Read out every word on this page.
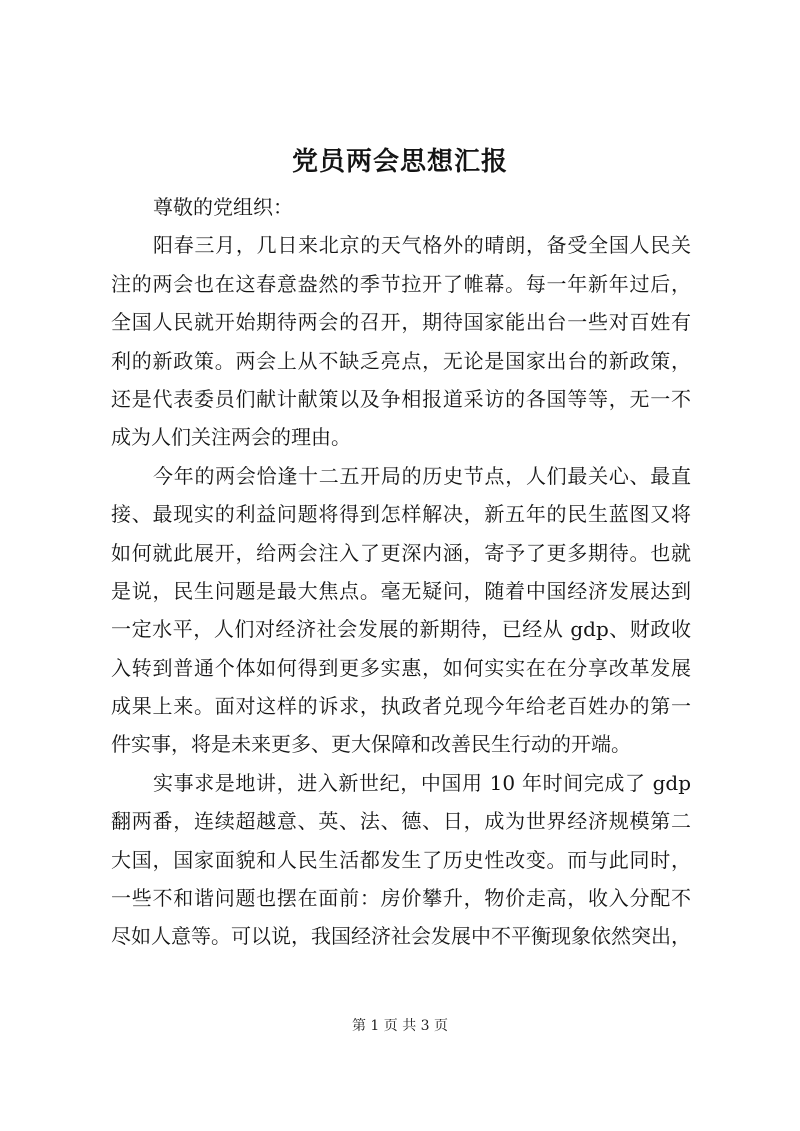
党员两会思想汇报
尊敬的党组织：
阳春三月，几日来北京的天气格外的晴朗，备受全国人民关
注的两会也在这春意盎然的季节拉开了帷幕。每一年新年过后，
全国人民就开始期待两会的召开，期待国家能出台一些对百姓有
利的新政策。两会上从不缺乏亮点，无论是国家出台的新政策，
还是代表委员们献计献策以及争相报道采访的各国等等，无一不
成为人们关注两会的理由。
今年的两会恰逢十二五开局的历史节点，人们最关心、最直
接、最现实的利益问题将得到怎样解决，新五年的民生蓝图又将
如何就此展开，给两会注入了更深内涵，寄予了更多期待。也就
是说，民生问题是最大焦点。毫无疑问，随着中国经济发展达到
一定水平，人们对经济社会发展的新期待，已经从 gdp、财政收
入转到普通个体如何得到更多实惠，如何实实在在分享改革发展
成果上来。面对这样的诉求，执政者兑现今年给老百姓办的第一
件实事，将是未来更多、更大保障和改善民生行动的开端。
实事求是地讲，进入新世纪，中国用 10 年时间完成了 gdp
翻两番，连续超越意、英、法、德、日，成为世界经济规模第二
大国，国家面貌和人民生活都发生了历史性改变。而与此同时，
一些不和谐问题也摆在面前：房价攀升，物价走高，收入分配不
尽如人意等。可以说，我国经济社会发展中不平衡现象依然突出，
第 1 页 共 3 页
